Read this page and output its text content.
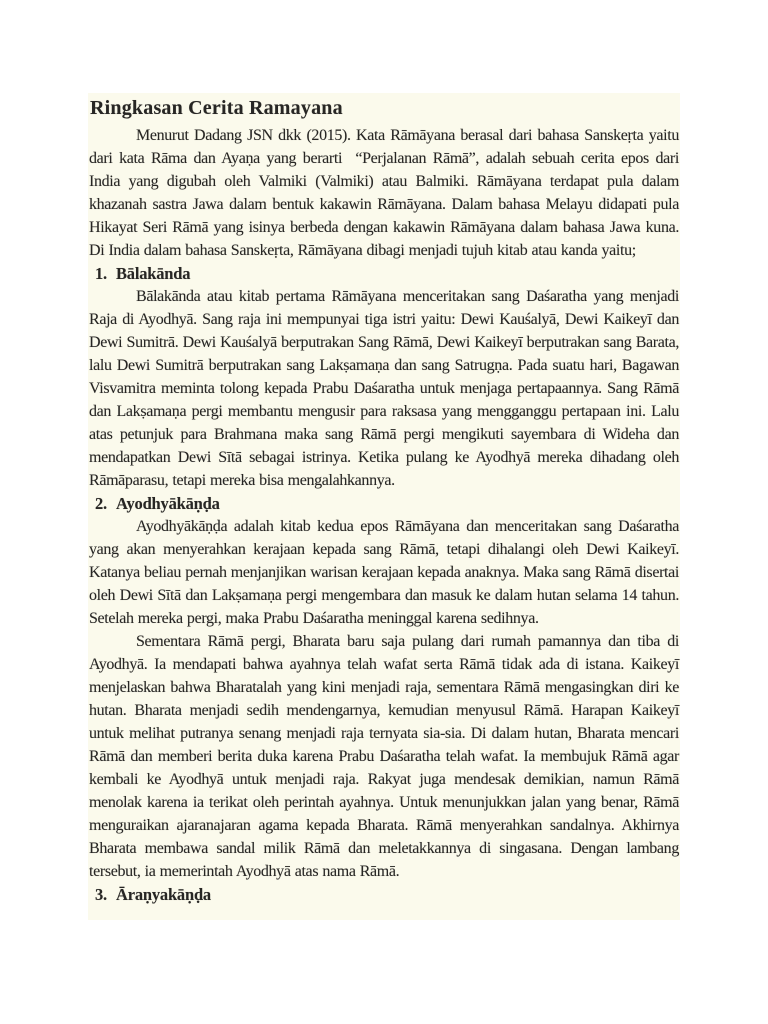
Ringkasan Cerita Ramayana

Menurut Dadang JSN dkk (2015). Kata Rāmāyana berasal dari bahasa Sanskeṛta yaitu dari kata Rāma dan Ayaṇa yang berarti  “Perjalanan Rāmā”, adalah sebuah cerita epos dari India yang digubah oleh Valmiki (Valmiki) atau Balmiki. Rāmāyana terdapat pula dalam khazanah sastra Jawa dalam bentuk kakawin Rāmāyana. Dalam bahasa Melayu didapati pula Hikayat Seri Rāmā yang isinya berbeda dengan kakawin Rāmāyana dalam bahasa Jawa kuna. Di India dalam bahasa Sanskeṛta, Rāmāyana dibagi menjadi tujuh kitab atau kanda yaitu;

1. Bālakānda

Bālakānda atau kitab pertama Rāmāyana menceritakan sang Daśaratha yang menjadi Raja di Ayodhyā. Sang raja ini mempunyai tiga istri yaitu: Dewi Kauśalyā, Dewi Kaikeyī dan Dewi Sumitrā. Dewi Kauśalyā berputrakan Sang Rāmā, Dewi Kaikeyī berputrakan sang Barata, lalu Dewi Sumitrā berputrakan sang Lakṣamaṇa dan sang Satrugṇa. Pada suatu hari, Bagawan Visvamitra meminta tolong kepada Prabu Daśaratha untuk menjaga pertapaannya. Sang Rāmā dan Lakṣamaṇa pergi membantu mengusir para raksasa yang mengganggu pertapaan ini. Lalu atas petunjuk para Brahmana maka sang Rāmā pergi mengikuti sayembara di Wideha dan mendapatkan Dewi Sītā sebagai istrinya. Ketika pulang ke Ayodhyā mereka dihadang oleh Rāmāparasu, tetapi mereka bisa mengalahkannya.

2. Ayodhyākāṇḍa

Ayodhyākāṇḍa adalah kitab kedua epos Rāmāyana dan menceritakan sang Daśaratha yang akan menyerahkan kerajaan kepada sang Rāmā, tetapi dihalangi oleh Dewi Kaikeyī. Katanya beliau pernah menjanjikan warisan kerajaan kepada anaknya. Maka sang Rāmā disertai oleh Dewi Sītā dan Lakṣamaṇa pergi mengembara dan masuk ke dalam hutan selama 14 tahun. Setelah mereka pergi, maka Prabu Daśaratha meninggal karena sedihnya.

Sementara Rāmā pergi, Bharata baru saja pulang dari rumah pamannya dan tiba di Ayodhyā. Ia mendapati bahwa ayahnya telah wafat serta Rāmā tidak ada di istana. Kaikeyī menjelaskan bahwa Bharatalah yang kini menjadi raja, sementara Rāmā mengasingkan diri ke hutan. Bharata menjadi sedih mendengarnya, kemudian menyusul Rāmā. Harapan Kaikeyī untuk melihat putranya senang menjadi raja ternyata sia-sia. Di dalam hutan, Bharata mencari Rāmā dan memberi berita duka karena Prabu Daśaratha telah wafat. Ia membujuk Rāmā agar kembali ke Ayodhyā untuk menjadi raja. Rakyat juga mendesak demikian, namun Rāmā menolak karena ia terikat oleh perintah ayahnya. Untuk menunjukkan jalan yang benar, Rāmā menguraikan ajaranajaran agama kepada Bharata. Rāmā menyerahkan sandalnya. Akhirnya Bharata membawa sandal milik Rāmā dan meletakkannya di singasana. Dengan lambang tersebut, ia memerintah Ayodhyā atas nama Rāmā.

3. Āraṇyakāṇḍa
